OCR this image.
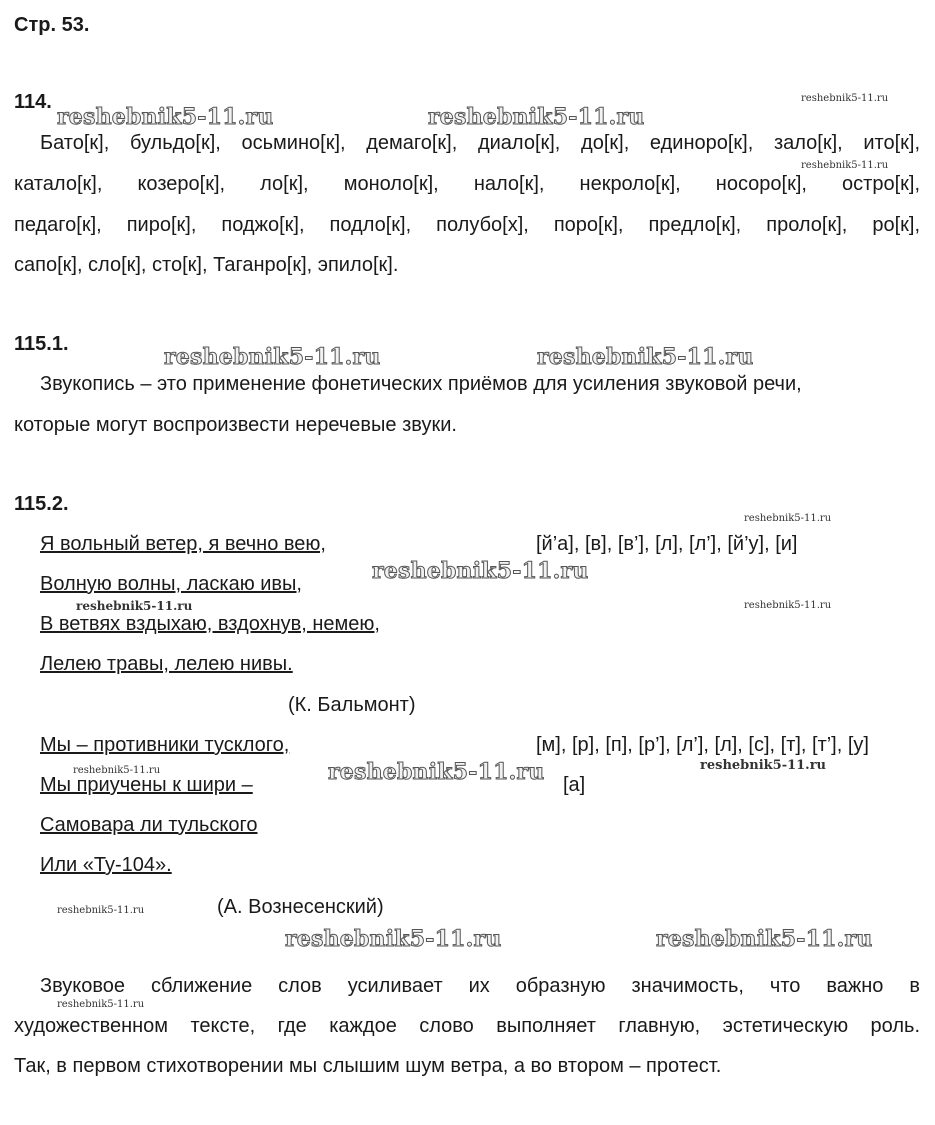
Стр. 53.
114.
Бато[к], бульдо[к], осьмино[к], демаго[к], диало[к], до[к], единоро[к], зало[к], ито[к],
катало[к], козеро[к], ло[к], моноло[к], нало[к], некроло[к], носоро[к], остро[к],
педаго[к], пиро[к], поджо[к], подло[к], полубо[х], поро[к], предло[к], проло[к], ро[к],
сапо[к], сло[к], сто[к], Таганро[к], эпило[к].
115.1.
Звукопись – это применение фонетических приёмов для усиления звуковой речи,
которые могут воспроизвести неречевые звуки.
115.2.
Я вольный ветер, я вечно вею,
Волную волны, ласкаю ивы,
В ветвях вздыхаю, вздохнув, немею,
Лелею травы, лелею нивы.
[й’а], [в], [в’], [л], [л’], [й’у], [и]
(К. Бальмонт)
Мы – противники тусклого,
Мы приучены к шири –
Самовара ли тульского
Или «Ту-104».
[м], [р], [п], [р’], [л’], [л], [с], [т], [т’], [у]
[а]
(А. Вознесенский)
Звуковое сближение слов усиливает их образную значимость, что важно в
художественном тексте, где каждое слово выполняет главную, эстетическую роль.
Так, в первом стихотворении мы слышим шум ветра, а во втором – протест.
reshebnik5-11.ru	reshebnik5-11.ru
reshebnik5-11.ru	reshebnik5-11.ru
reshebnik5-11.ru
reshebnik5-11.ru
reshebnik5-11.ru	reshebnik5-11.ru
reshebnik5-11.ru
reshebnik5-11.ru
reshebnik5-11.ru
reshebnik5-11.ru	reshebnik5-11.ru
reshebnik5-11.ru	reshebnik5-11.ru
reshebnik5-11.ru
reshebnik5-11.ru
